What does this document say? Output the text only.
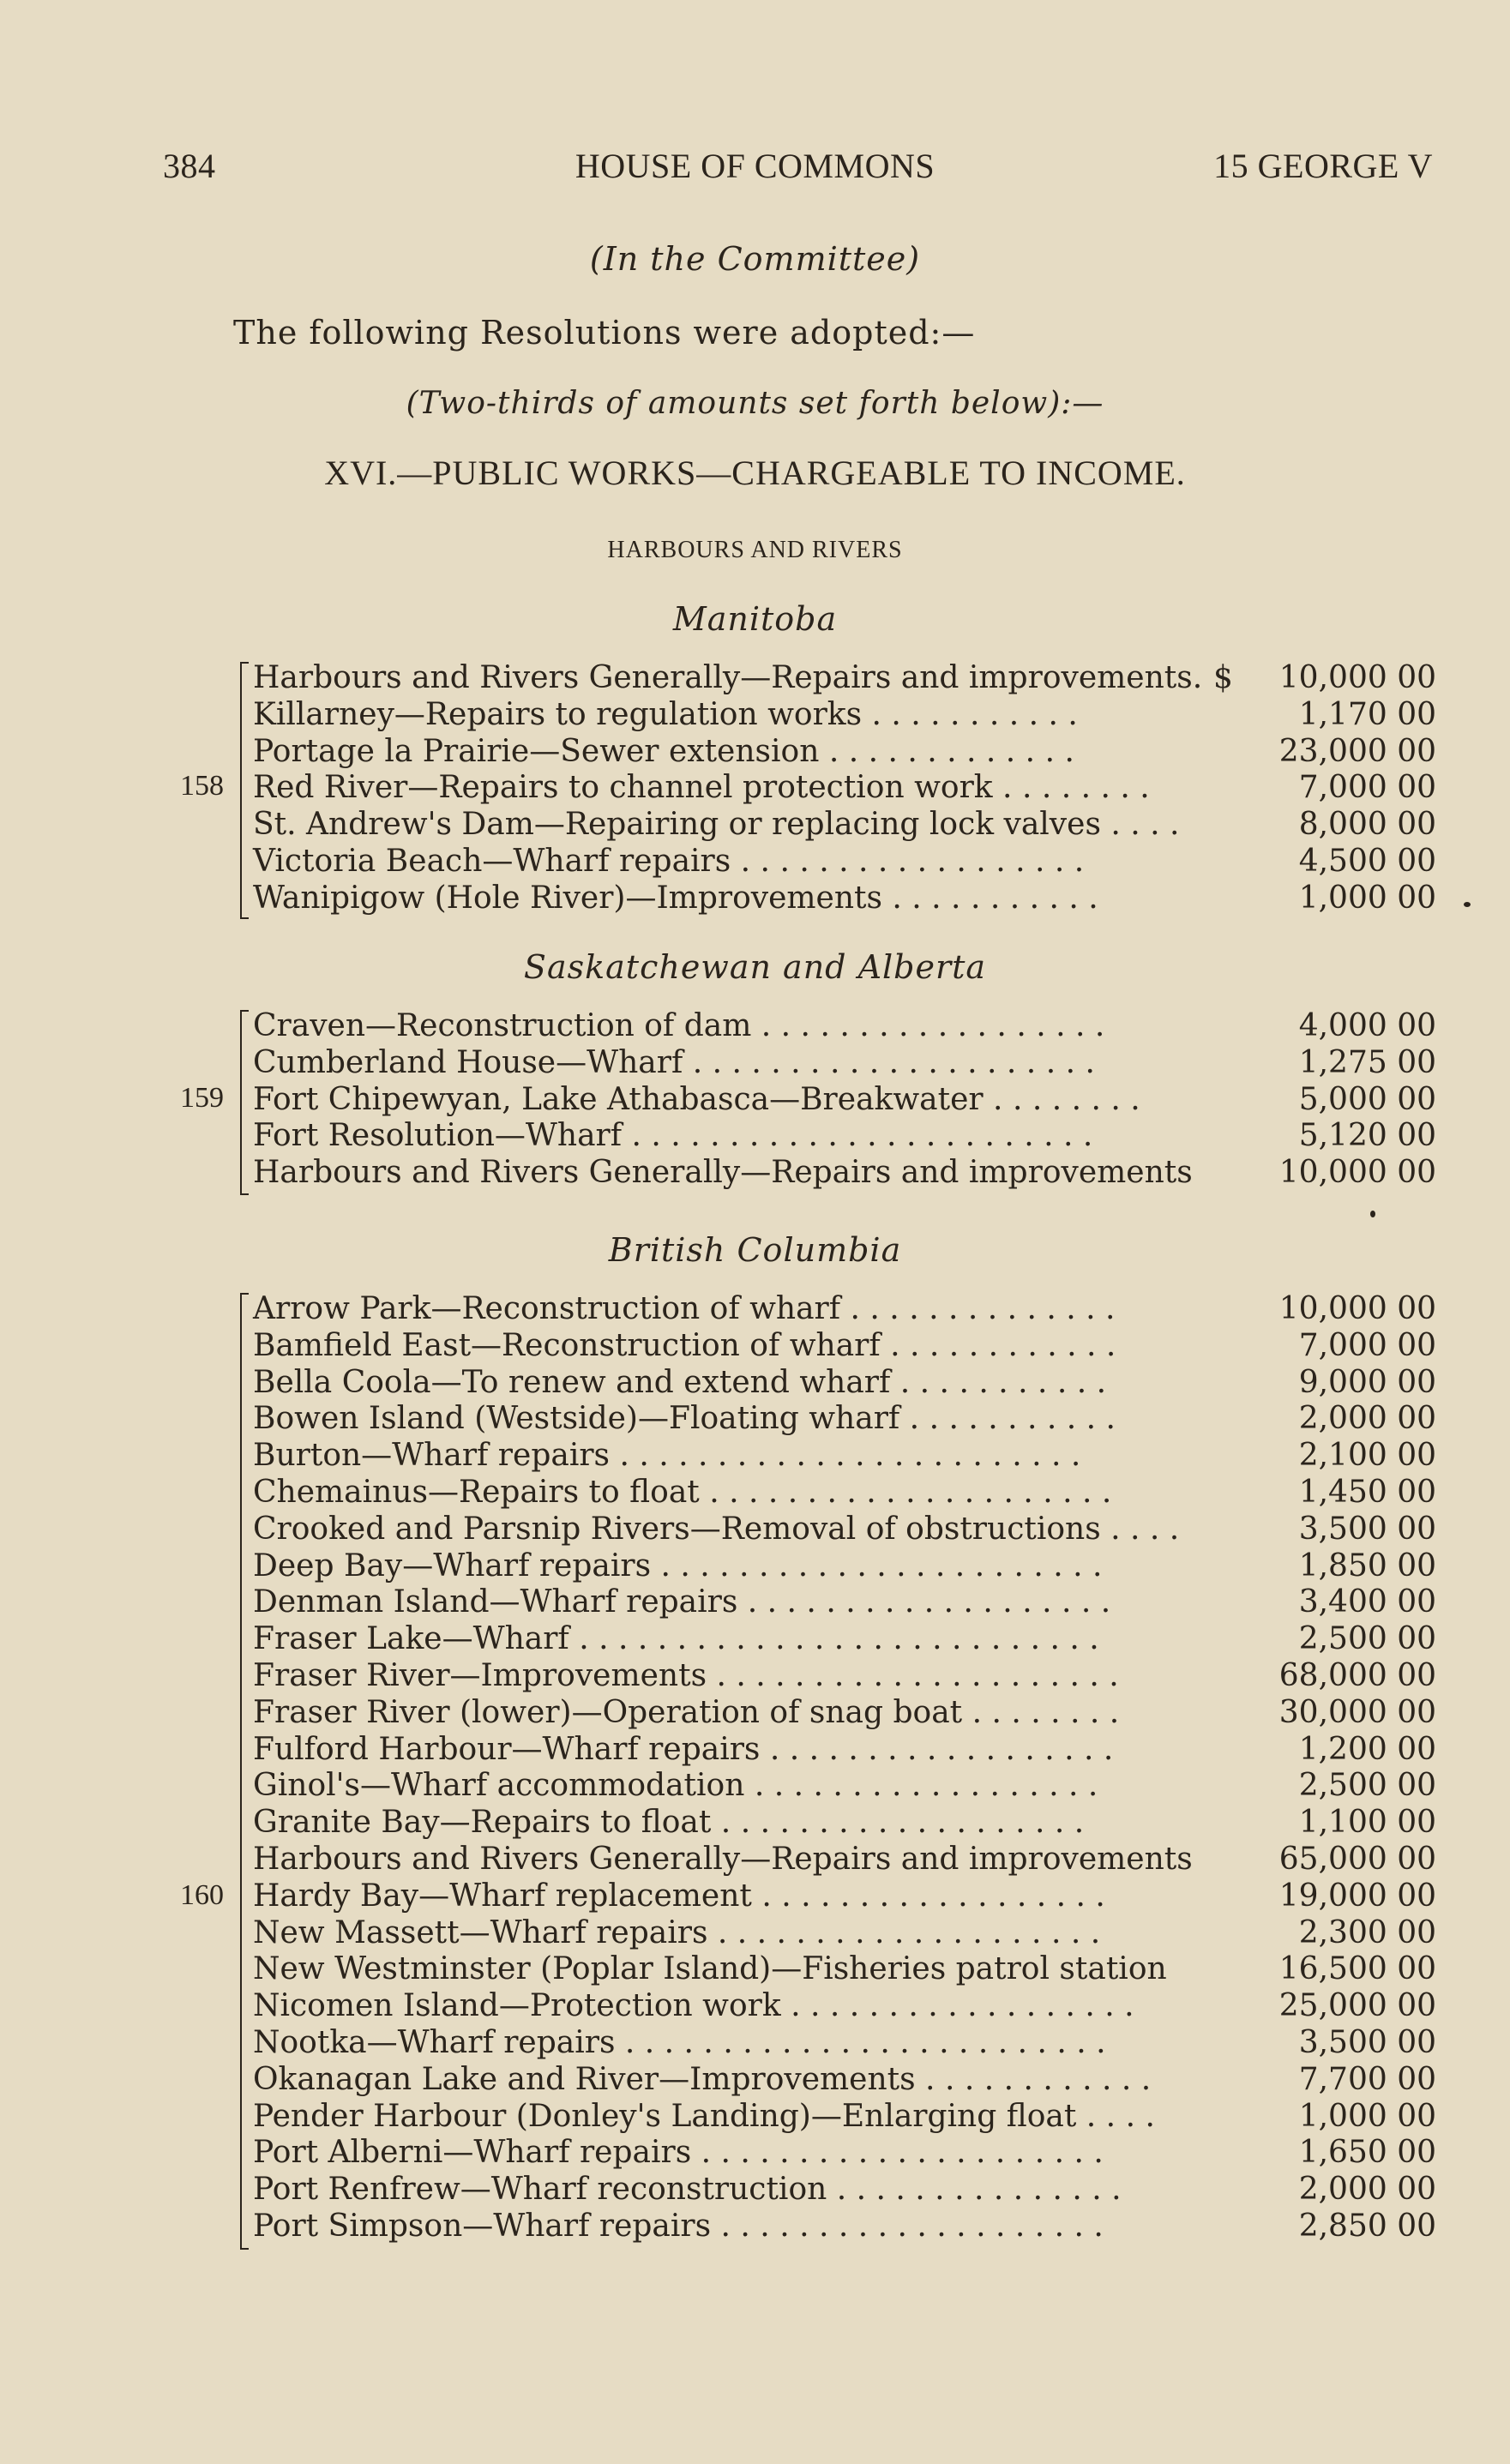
384	HOUSE OF COMMONS	15 GEORGE V
(In the Committee)
The following Resolutions were adopted:—
(Two-thirds of amounts set forth below):—
XVI.—PUBLIC WORKS—CHARGEABLE TO INCOME.
HARBOURS AND RIVERS
Manitoba
158
Harbours and Rivers Generally—Repairs and improvements. $ 10,000 00
Killarney—Repairs to regulation works . . . . . . . . . . .	1,170 00
Portage la Prairie—Sewer extension . . . . . . . . . . . . .	23,000 00
Red River—Repairs to channel protection work . . . . . . . .	7,000 00
St. Andrew's Dam—Repairing or replacing lock valves . . . .	8,000 00
Victoria Beach—Wharf repairs . . . . . . . . . . . . . . . . . .	4,500 00
Wanipigow (Hole River)—Improvements . . . . . . . . . . .	1,000 00
Saskatchewan and Alberta
159
Craven—Reconstruction of dam . . . . . . . . . . . . . . . . . .	4,000 00
Cumberland House—Wharf . . . . . . . . . . . . . . . . . . . . .	1,275 00
Fort Chipewyan, Lake Athabasca—Breakwater . . . . . . . .	5,000 00
Fort Resolution—Wharf . . . . . . . . . . . . . . . . . . . . . . . .	5,120 00
Harbours and Rivers Generally—Repairs and improvements	10,000 00
British Columbia
160
Arrow Park—Reconstruction of wharf . . . . . . . . . . . . . .	10,000 00
Bamfield East—Reconstruction of wharf . . . . . . . . . . . .	7,000 00
Bella Coola—To renew and extend wharf . . . . . . . . . . .	9,000 00
Bowen Island (Westside)—Floating wharf . . . . . . . . . . .	2,000 00
Burton—Wharf repairs . . . . . . . . . . . . . . . . . . . . . . . .	2,100 00
Chemainus—Repairs to float . . . . . . . . . . . . . . . . . . . . .	1,450 00
Crooked and Parsnip Rivers—Removal of obstructions . . . .	3,500 00
Deep Bay—Wharf repairs . . . . . . . . . . . . . . . . . . . . . . .	1,850 00
Denman Island—Wharf repairs . . . . . . . . . . . . . . . . . . .	3,400 00
Fraser Lake—Wharf . . . . . . . . . . . . . . . . . . . . . . . . . . .	2,500 00
Fraser River—Improvements . . . . . . . . . . . . . . . . . . . . .	68,000 00
Fraser River (lower)—Operation of snag boat . . . . . . . .	30,000 00
Fulford Harbour—Wharf repairs . . . . . . . . . . . . . . . . . .	1,200 00
Ginol's—Wharf accommodation . . . . . . . . . . . . . . . . . .	2,500 00
Granite Bay—Repairs to float . . . . . . . . . . . . . . . . . . .	1,100 00
Harbours and Rivers Generally—Repairs and improvements	65,000 00
Hardy Bay—Wharf replacement . . . . . . . . . . . . . . . . . .	19,000 00
New Massett—Wharf repairs . . . . . . . . . . . . . . . . . . . .	2,300 00
New Westminster (Poplar Island)—Fisheries patrol station	16,500 00
Nicomen Island—Protection work . . . . . . . . . . . . . . . . . .	25,000 00
Nootka—Wharf repairs . . . . . . . . . . . . . . . . . . . . . . . . .	3,500 00
Okanagan Lake and River—Improvements . . . . . . . . . . . .	7,700 00
Pender Harbour (Donley's Landing)—Enlarging float . . . .	1,000 00
Port Alberni—Wharf repairs . . . . . . . . . . . . . . . . . . . . .	1,650 00
Port Renfrew—Wharf reconstruction . . . . . . . . . . . . . . .	2,000 00
Port Simpson—Wharf repairs . . . . . . . . . . . . . . . . . . . .	2,850 00
